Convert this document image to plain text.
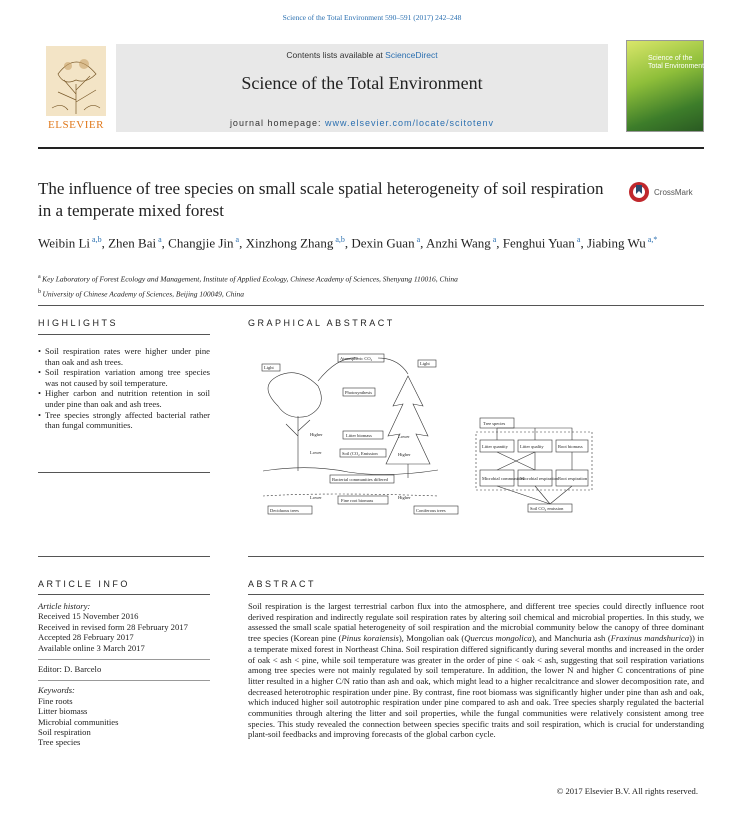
Science of the Total Environment 590–591 (2017) 242–248
ELSEVIER
Contents lists available at ScienceDirect
Science of the Total Environment
journal homepage: www.elsevier.com/locate/scitotenv
Science of the
Total Environment
The influence of tree species on small scale spatial heterogeneity of soil respiration in a temperate mixed forest
CrossMark
Weibin Li $^{a,b}$, Zhen Bai $^a$, Changjie Jin $^a$, Xinzhong Zhang $^{a,b}$, Dexin Guan $^a$, Anzhi Wang $^a$, Fenghui Yuan $^a$, Jiabing Wu $^{a,*}$
$^a$ Key Laboratory of Forest Ecology and Management, Institute of Applied Ecology, Chinese Academy of Sciences, Shenyang 110016, China
$^b$ University of Chinese Academy of Sciences, Beijing 100049, China
HIGHLIGHTS
• Soil respiration rates were higher under pine than oak and ash trees.
• Soil respiration variation among tree species was not caused by soil temperature.
• Higher carbon and nutrition retention in soil under pine than oak and ash trees.
• Tree species strongly affected bacterial rather than fungal communities.
GRAPHICAL ABSTRACT
Light
Light
Atmospheric CO₂
Photosynthesis
Litter biomass
Soil (CO₂ Emission
Bacterial communities differed
Fine root biomass
Higher
Lower
Lower
Higher
Lower	Higher
Deciduous trees	Coniferous trees
Tree species
Litter quantity	Litter quality	Root biomass
Microbial communities
Microbial respiration Root respiration
Soil CO₂ emission
ARTICLE INFO
Article history:
Received 15 November 2016
Received in revised form 28 February 2017
Accepted 28 February 2017
Available online 3 March 2017
Editor: D. Barcelo
Keywords:
Fine roots
Litter biomass
Microbial communities
Soil respiration
Tree species
ABSTRACT
Soil respiration is the largest terrestrial carbon flux into the atmosphere, and different tree species could directly influence root derived respiration and indirectly regulate soil respiration rates by altering soil chemical and microbial properties. In this study, we assessed the small scale spatial heterogeneity of soil respiration and the microbial community below the canopy of three dominant tree species (Korean pine (Pinus koraiensis), Mongolian oak (Quercus mongolica), and Manchuria ash (Fraxinus mandshurica)) in a temperate mixed forest in Northeast China. Soil respiration differed significantly during several months and increased in the order of oak < ash < pine, while soil temperature was greater in the order of pine < oak < ash, suggesting that soil respiration variations among tree species were not mainly regulated by soil temperature. In addition, the lower N and higher C concentrations of pine litter resulted in a higher C/N ratio than ash and oak, which might lead to a higher recalcitrance and slower decomposition rate, and decreased heterotrophic respiration under pine. By contrast, fine root biomass was significantly higher under pine than ash and oak, which induced higher soil autotrophic respiration under pine compared to ash and oak. Tree species sharply regulated the bacterial communities through altering the litter and soil properties, while the fungal communities were relatively consistent among tree species. This study revealed the connection between species specific traits and soil respiration, which is crucial for understanding plant-soil feedbacks and improving forecasts of the global carbon cycle.
© 2017 Elsevier B.V. All rights reserved.
